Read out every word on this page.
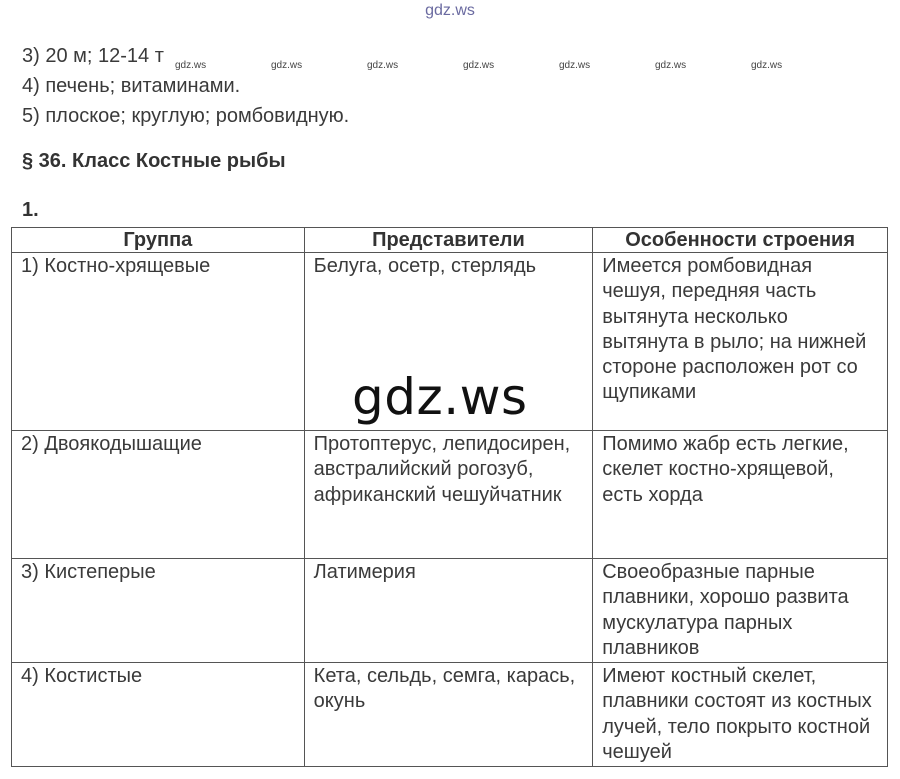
gdz.ws
3) 20 м; 12-14 т
4) печень; витаминами.
5) плоское; круглую; ромбовидную.
gdz.ws	gdz.ws	gdz.ws	gdz.ws	gdz.ws	gdz.ws	gdz.ws
§ 36. Класс Костные рыбы
1.
Группа	Представители	Особенности строения
1) Костно-хрящевые	Белуга, осетр, стерлядь	Имеется ромбовидная чешуя, передняя часть вытянута несколько вытянута в рыло; на нижней стороне расположен рот со щупиками
2) Двоякодышащие	Протоптерус, лепидосирен, австралийский рогозуб, африканский чешуйчатник	Помимо жабр есть легкие, скелет костно-хрящевой, есть хорда
3) Кистеперые	Латимерия	Своеобразные парные плавники, хорошо развита мускулатура парных плавников
4) Костистые	Кета, сельдь, семга, карась, окунь	Имеют костный скелет, плавники состоят из костных лучей, тело покрыто костной чешуей
gdz.ws
